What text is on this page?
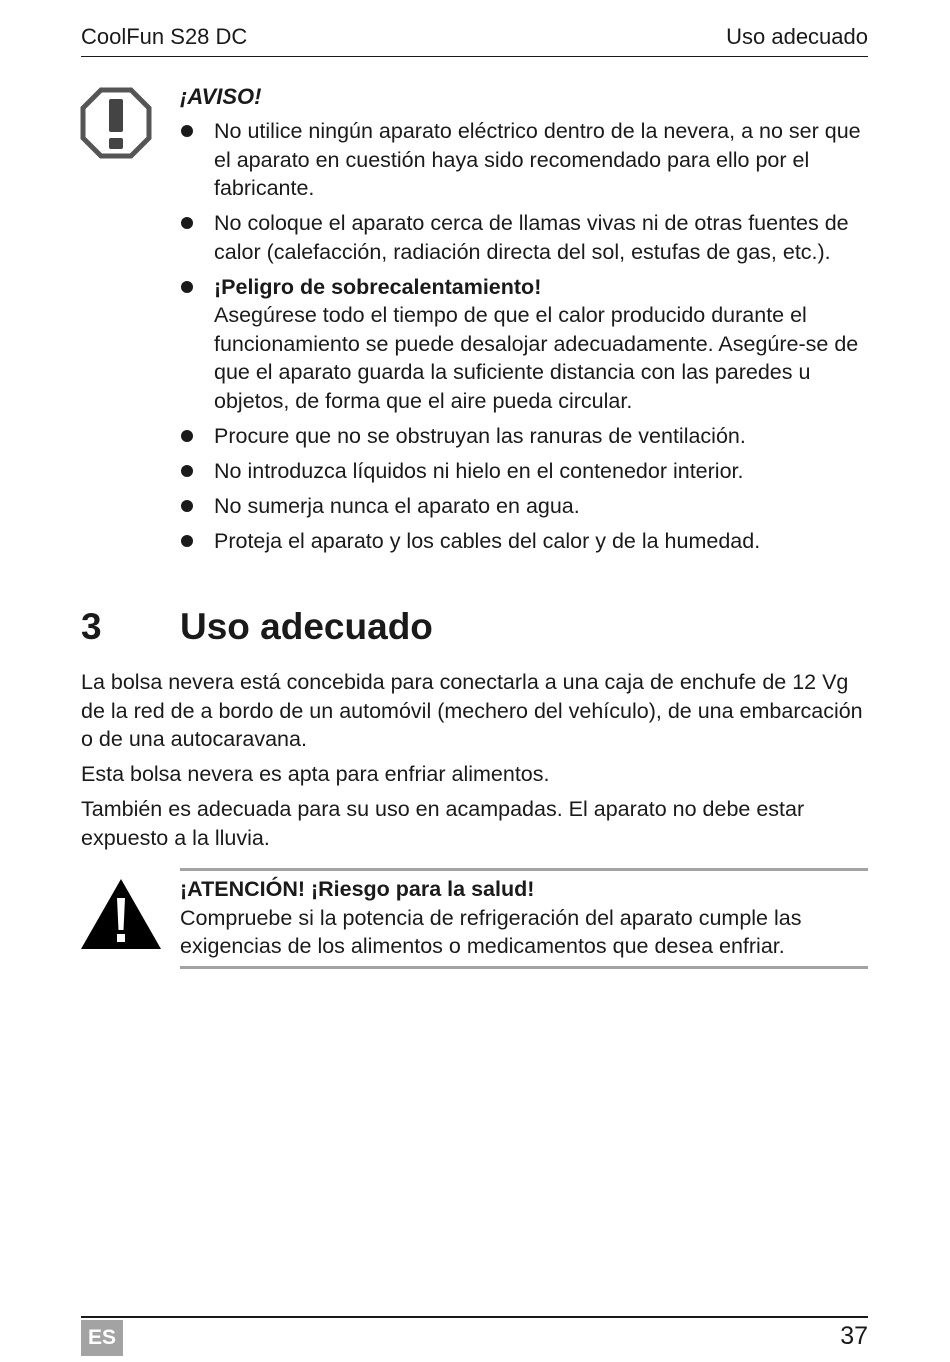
CoolFun S28 DC	Uso adecuado
¡AVISO!
No utilice ningún aparato eléctrico dentro de la nevera, a no ser que el aparato en cuestión haya sido recomendado para ello por el fabricante.
No coloque el aparato cerca de llamas vivas ni de otras fuentes de calor (calefacción, radiación directa del sol, estufas de gas, etc.).
¡Peligro de sobrecalentamiento!
Asegúrese todo el tiempo de que el calor producido durante el funcionamiento se puede desalojar adecuadamente. Asegúre-se de que el aparato guarda la suficiente distancia con las paredes u objetos, de forma que el aire pueda circular.
Procure que no se obstruyan las ranuras de ventilación.
No introduzca líquidos ni hielo en el contenedor interior.
No sumerja nunca el aparato en agua.
Proteja el aparato y los cables del calor y de la humedad.
3 Uso adecuado

La bolsa nevera está concebida para conectarla a una caja de enchufe de 12 Vg de la red de a bordo de un automóvil (mechero del vehículo), de una embarcación o de una autocaravana.

Esta bolsa nevera es apta para enfriar alimentos.

También es adecuada para su uso en acampadas. El aparato no debe estar expuesto a la lluvia.

¡ATENCIÓN! ¡Riesgo para la salud!
Compruebe si la potencia de refrigeración del aparato cumple las exigencias de los alimentos o medicamentos que desea enfriar.
ES	37
